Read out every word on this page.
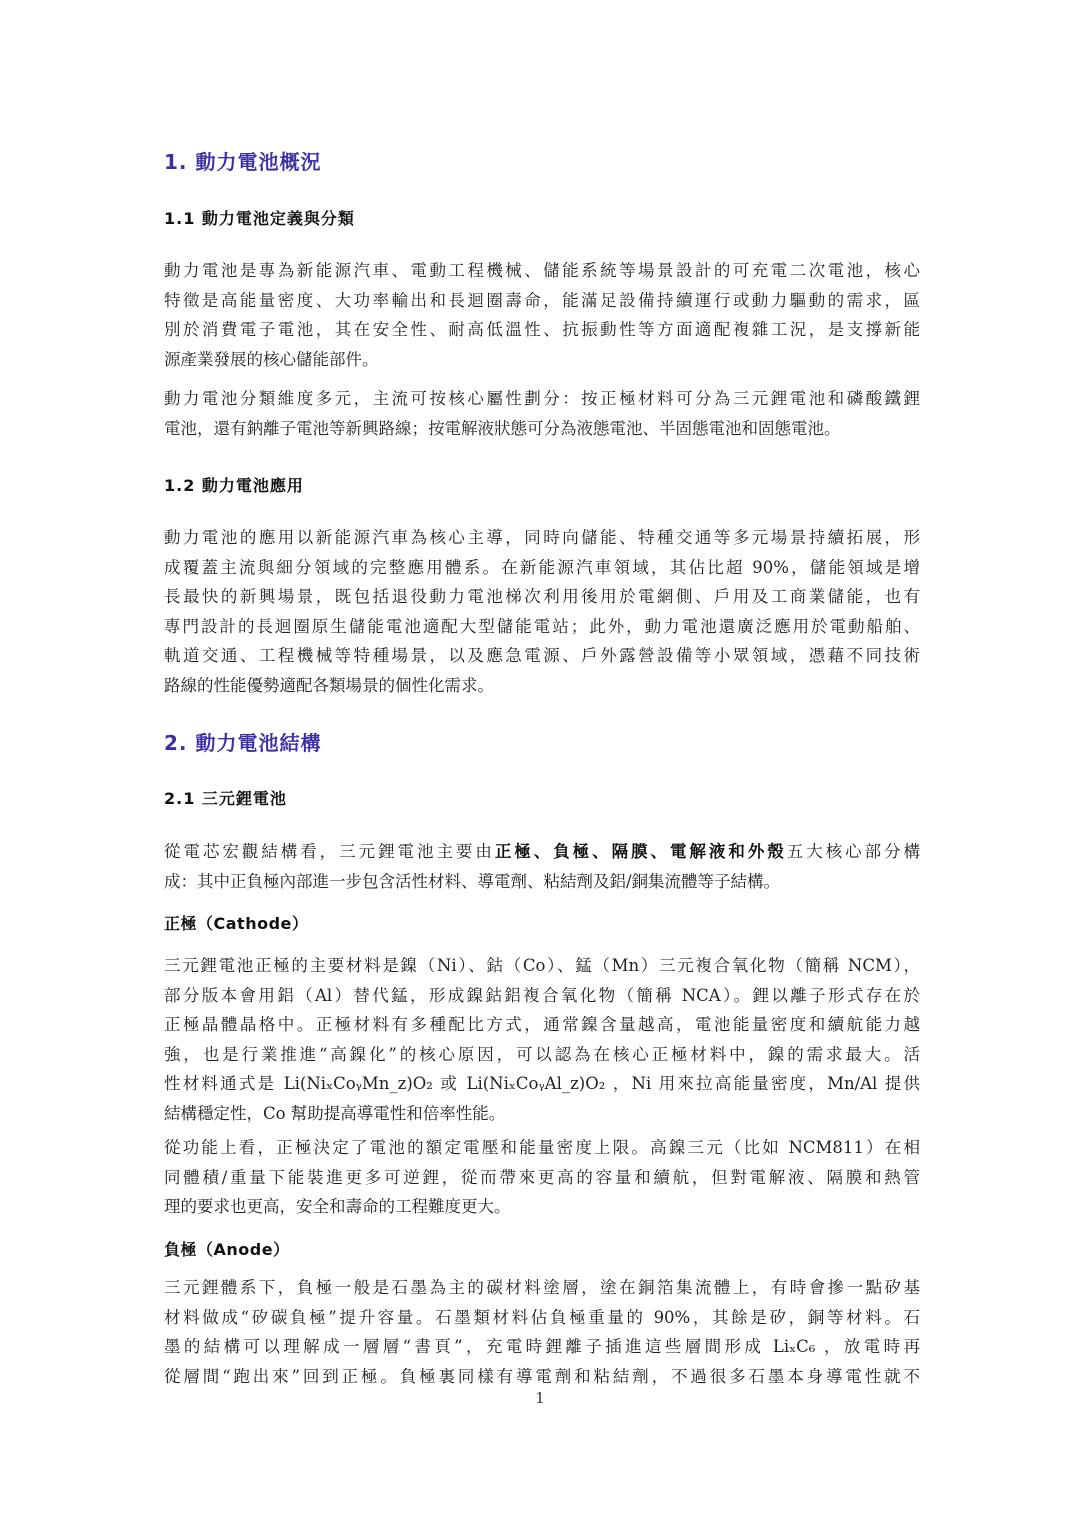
1. 動力電池概況
1.1 動力電池定義與分類
動力電池是專為新能源汽車、電動工程機械、儲能系統等場景設計的可充電二次電池，核心
特徵是高能量密度、大功率輸出和長迴圈壽命，能滿足設備持續運行或動力驅動的需求，區
別於消費電子電池，其在安全性、耐高低溫性、抗振動性等方面適配複雜工況，是支撐新能
源產業發展的核心儲能部件。
動力電池分類維度多元，主流可按核心屬性劃分：按正極材料可分為三元鋰電池和磷酸鐵鋰
電池，還有鈉離子電池等新興路線；按電解液狀態可分為液態電池、半固態電池和固態電池。
1.2 動力電池應用
動力電池的應用以新能源汽車為核心主導，同時向儲能、特種交通等多元場景持續拓展，形
成覆蓋主流與細分領域的完整應用體系。在新能源汽車領域，其佔比超 90%，儲能領域是增
長最快的新興場景，既包括退役動力電池梯次利用後用於電網側、戶用及工商業儲能，也有
專門設計的長迴圈原生儲能電池適配大型儲能電站；此外，動力電池還廣泛應用於電動船舶、
軌道交通、工程機械等特種場景，以及應急電源、戶外露營設備等小眾領域，憑藉不同技術
路線的性能優勢適配各類場景的個性化需求。
2. 動力電池結構
2.1 三元鋰電池
從電芯宏觀結構看，三元鋰電池主要由正極、負極、隔膜、電解液和外殼五大核心部分構
成：其中正負極內部進一步包含活性材料、導電劑、粘結劑及鋁/銅集流體等子結構。
正極（Cathode）
三元鋰電池正極的主要材料是鎳（Ni）、鈷（Co）、錳（Mn）三元複合氧化物（簡稱 NCM），
部分版本會用鋁（Al）替代錳，形成鎳鈷鋁複合氧化物（簡稱 NCA）。鋰以離子形式存在於
正極晶體晶格中。正極材料有多種配比方式，通常鎳含量越高，電池能量密度和續航能力越
強，也是行業推進“高鎳化”的核心原因，可以認為在核心正極材料中，鎳的需求最大。活
性材料通式是 Li(NiₓCoᵧMn_z)O₂ 或 Li(NiₓCoᵧAl_z)O₂ ，Ni 用來拉高能量密度，Mn/Al 提供
結構穩定性，Co 幫助提高導電性和倍率性能。
從功能上看，正極決定了電池的額定電壓和能量密度上限。高鎳三元（比如 NCM811）在相
同體積/重量下能裝進更多可逆鋰，從而帶來更高的容量和續航，但對電解液、隔膜和熱管
理的要求也更高，安全和壽命的工程難度更大。
負極（Anode）
三元鋰體系下，負極一般是石墨為主的碳材料塗層，塗在銅箔集流體上，有時會摻一點矽基
材料做成“矽碳負極”提升容量。石墨類材料佔負極重量的 90%，其餘是矽，銅等材料。石
墨的結構可以理解成一層層“書頁”，充電時鋰離子插進這些層間形成 LiₓC₆ ，放電時再
從層間“跑出來”回到正極。負極裏同樣有導電劑和粘結劑，不過很多石墨本身導電性就不
1
